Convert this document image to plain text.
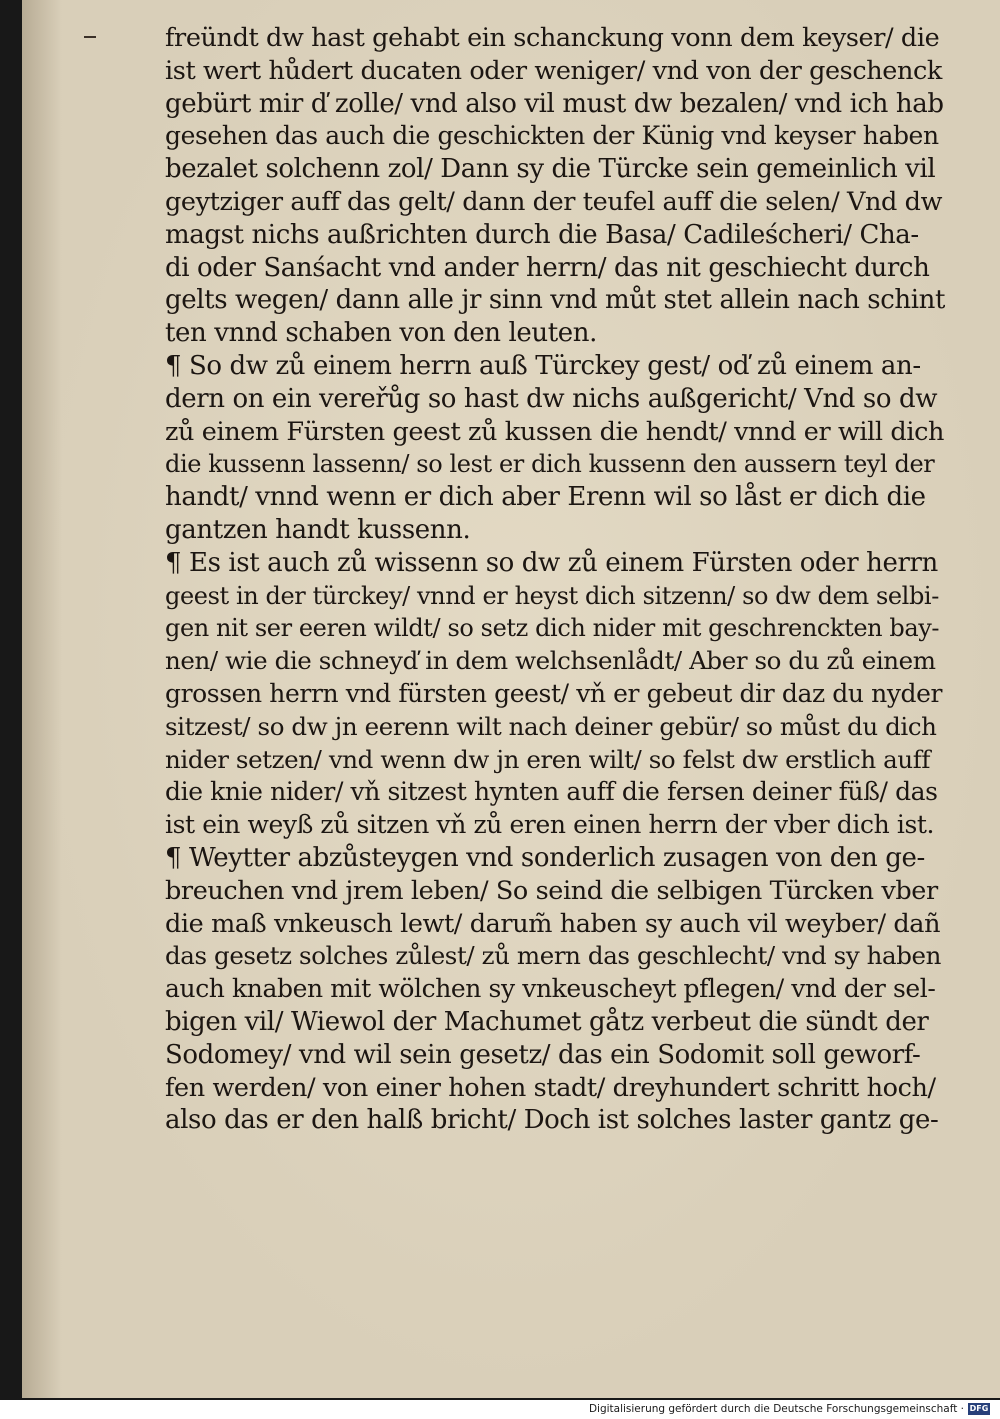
freündt dw hast gehabt ein schanckung vonn dem keyser/ die
ist wert hůdert ducaten oder weniger/ vnd von der geschenck
gebürt mir ď zolle/ vnd also vil must dw bezalen/ vnd ich hab
gesehen das auch die geschickten der Künig vnd keyser haben
bezalet solchenn zol/ Dann sy die Türcke sein gemeinlich vil
geytziger auff das gelt/ dann der teufel auff die selen/ Vnd dw
magst nichs außrichten durch die Basa/ Cadileścheri/ Cha-
di oder Sanśacht vnd ander herrn/ das nit geschiecht durch
gelts wegen/ dann alle jr sinn vnd můt stet allein nach schint
ten vnnd schaben von den leuten.
¶ So dw zů einem herrn auß Türckey gest/ oď zů einem an-
dern on ein vereřůg so hast dw nichs außgericht/ Vnd so dw
zů einem Fürsten geest zů kussen die hendt/ vnnd er will dich
die kussenn lassenn/ so lest er dich kussenn den aussern teyl der
handt/ vnnd wenn er dich aber Erenn wil so låst er dich die
gantzen handt kussenn.
¶ Es ist auch zů wissenn so dw zů einem Fürsten oder herrn
geest in der türckey/ vnnd er heyst dich sitzenn/ so dw dem selbi-
gen nit ser eeren wildt/ so setz dich nider mit geschrenckten bay-
nen/ wie die schneyď in dem welchsenlådt/ Aber so du zů einem
grossen herrn vnd fürsten geest/ vň er gebeut dir daz du nyder
sitzest/ so dw jn eerenn wilt nach deiner gebür/ so můst du dich
nider setzen/ vnd wenn dw jn eren wilt/ so felst dw erstlich auff
die knie nider/ vň sitzest hynten auff die fersen deiner füß/ das
ist ein weyß zů sitzen vň zů eren einen herrn der vber dich ist.
¶ Weytter abzůsteygen vnd sonderlich zusagen von den ge-
breuchen vnd jrem leben/ So seind die selbigen Türcken vber
die maß vnkeusch lewt/ darum̃ haben sy auch vil weyber/ dañ
das gesetz solches zůlest/ zů mern das geschlecht/ vnd sy haben
auch knaben mit wölchen sy vnkeuscheyt pflegen/ vnd der sel-
bigen vil/ Wiewol der Machumet gåtz verbeut die sündt der
Sodomey/ vnd wil sein gesetz/ das ein Sodomit soll geworf-
fen werden/ von einer hohen stadt/ dreyhundert schritt hoch/
also das er den halß bricht/ Doch ist solches laster gantz ge-
Digitalisierung gefördert durch die Deutsche Forschungsgemeinschaft · DFG
